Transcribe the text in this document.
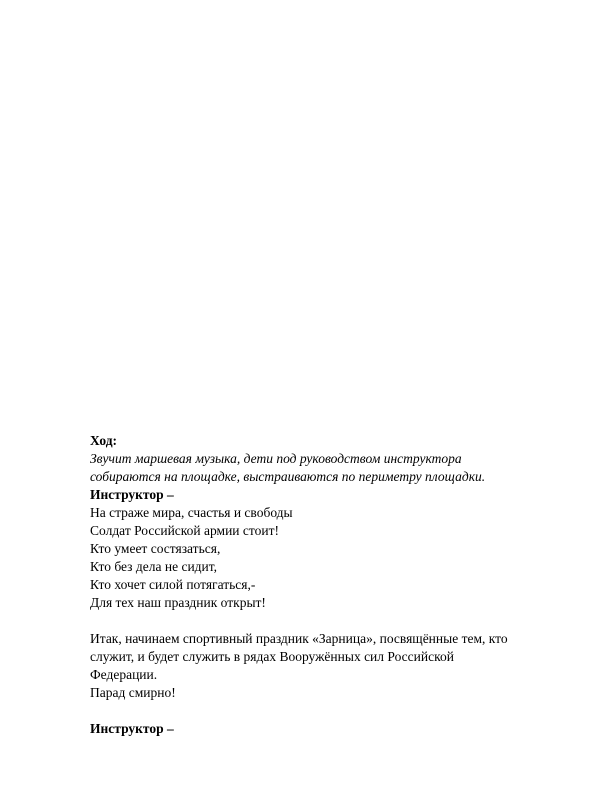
Ход:

Звучит маршевая музыка, дети под руководством инструктора

собираются на площадке, выстраиваются по периметру площадки.

Инструктор –

На страже мира, счастья и свободы

Солдат Российской армии стоит!

Кто умеет состязаться,

Кто без дела не сидит,

Кто хочет силой потягаться,-

Для тех наш праздник открыт!

Итак, начинаем спортивный праздник «Зарница», посвящённые тем, кто

служит, и будет служить в рядах Вооружённых сил Российской

Федерации.

Парад смирно!

Инструктор –
